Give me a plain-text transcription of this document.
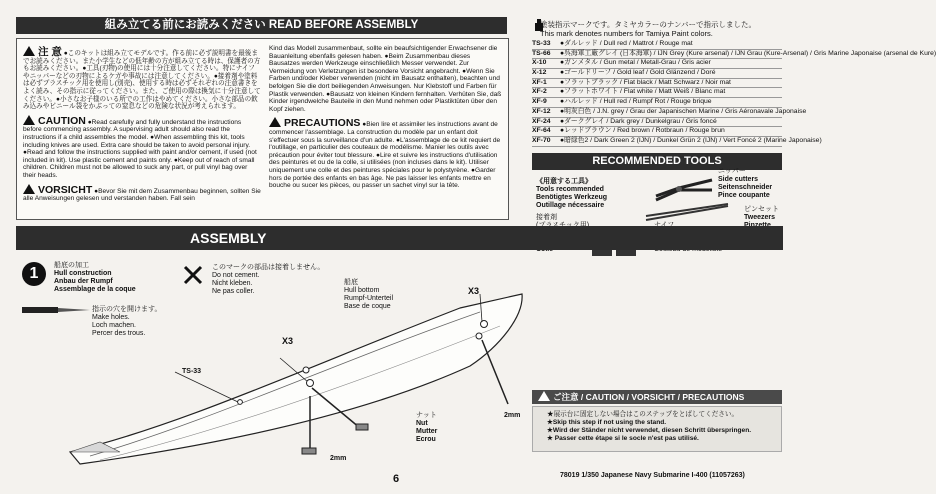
組み立てる前にお読みください READ BEFORE ASSEMBLY

注 意 ●このキットは組み立てモデルです。作る前に必ず説明書を最後までお読みください。また小学生などの低年齢の方が組み立てる時は、保護者の方もお読みください。●工具(刃物)の使用には十分注意してください。特にナイフやニッパーなどの刃物によるケガや事故には注意してください。●接着剤や塗料は必ずプラスチック用を使用し(別売)、使用する時は必ずそれぞれの注意書きをよく読み、その指示に従ってください。また、ご使用の際は換気に十分注意してください。●小さなお子様のいる所での工作はやめてください。小さな部品の飲み込みやビニール袋をかぶっての窒息などの危険な状況が考えられます。

CAUTION ●Read carefully and fully understand the instructions before commencing assembly. A supervising adult should also read the instructions if a child assembles the model. ●When assembling this kit, tools including knives are used. Extra care should be taken to avoid personal injury. ●Read and follow the instructions supplied with paint and/or cement, if used (not included in kit). Use plastic cement and paints only. ●Keep out of reach of small children. Children must not be allowed to suck any part, or pull vinyl bag over their heads.

VORSICHT ●Bevor Sie mit dem Zusammenbau beginnen, sollten Sie alle Anweisungen gelesen und verstanden haben. Fall sein

Kind das Modell zusammenbaut, sollte ein beaufsichtigender Erwachsener die Bauanleitung ebenfalls gelesen haben. ●Beim Zusammenbau dieses Bausatzes werden Werkzeuge einschließlich Messer verwendet. Zur Vermeidung von Verletzungen ist besondere Vorsicht angebracht. ●Wenn Sie Farben und/oder Kleber verwenden (nicht im Bausatz enthalten), beachten und befolgen Sie die dort beiliegenden Anweisungen. Nur Klebstoff und Farben für Plastik verwenden. ●Bausatz von kleinen Kindern fernhalten. Verhüten Sie, daß Kinder irgendwelche Bauteile in den Mund nehmen oder Plastiktüten über den Kopf ziehen.

PRECAUTIONS ●Bien lire et assimiler les instructions avant de commencer l'assemblage. La construction du modèle par un enfant doit s'effectuer sous la surveillance d'un adulte. ●L'assemblage de ce kit requiert de l'outillage, en particulier des couteaux de modélisme. Manier les outils avec précaution pour éviter tout blessure. ●Lire et suivre les instructions d'utilisation des peintures et ou de la colle, si utilisées (non incluses dans le kit). Utiliser uniquement une colle et des peintures spéciales pour le polystyrène. ●Garder hors de portée des enfants en bas âge. Ne pas laisser les enfants mettre en bouche ou sucer les pièces, ou passer un sachet vinyl sur la tête.

塗装指示マークです。タミヤカラーのナンバーで指示しました。
This mark denotes numbers for Tamiya Paint colors.
TS-33 ●ダルレッド / Dull red / Mattrot / Rouge mat
TS-66 ●呉海軍工廠グレイ (日本海軍) / IJN Grey (Kure arsenal) / IJN Grau (Kure-Arsenal) / Gris Marine Japonaise (arsenal de Kure)
X-10 ●ガンメタル / Gun metal / Metall-Grau / Gris acier
X-12 ●ゴールドリーフ / Gold leaf / Gold Glänzend / Doré
XF-1 ●フラットブラック / Flat black / Matt Schwarz / Noir mat
XF-2 ●フラットホワイト / Flat white / Matt Weiß / Blanc mat
XF-9 ●ハルレッド / Hull red / Rumpf Rot / Rouge brique
XF-12 ●明灰白色 / J.N. grey / Grau der Japanischen Marine / Gris Aéronavale Japonaise
XF-24 ●ダークグレイ / Dark grey / Dunkelgrau / Gris foncé
XF-64 ●レッドブラウン / Red brown / Rotbraun / Rouge brun
XF-70 ●暗緑色2 / Dark Green 2 (IJN) / Dunkel Grün 2 (IJN) / Vert Foncé 2 (Marine Japonaise)
RECOMMENDED TOOLS
《用意する工具》
Tools recommended
Benötigtes Werkzeug
Outillage nécessaire
ニッパー
Side cutters
Seitenschneider
Pince coupante
接着剤
ピンセット
Tweezers
ASSEMBLY
1	船底の加工
Hull construction
Anbau der Rumpf
Assemblage de la coque
指示の穴を開けます。
Make holes.
Loch machen.
Percer des trous.
このマークの部品は接着しません。
Do not cement.
Nicht kleben.
Ne pas coller.
船底
Hull bottom
Rumpf-Unterteil
Base de coque
X3
X3
TS-33
ナット
Nut
Mutter
Ecrou
2mm
2mm
ご注意 / CAUTION / VORSICHT / PRECAUTIONS
★展示台に固定しない場合はこのステップをとばしてください。
★Skip this step if not using the stand.
★Wird der Ständer nicht verwendet, diesen Schritt überspringen.
★ Passer cette étape si le socle n'est pas utilisé.
6	78019 1/350 Japanese Navy Submarine I-400 (11057263)
